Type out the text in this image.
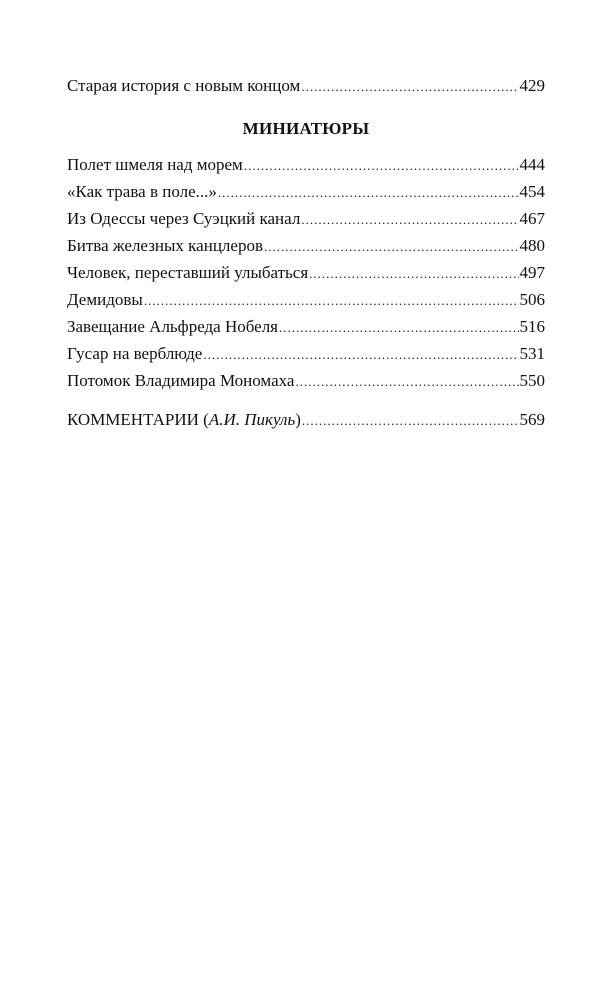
Старая история с новым концом .....	429
МИНИАТЮРЫ
Полет шмеля над морем .....	444
«Как трава в поле...» .....	454
Из Одессы через Суэцкий канал .....	467
Битва железных канцлеров .....	480
Человек, переставший улыбаться .....	497
Демидовы .....	506
Завещание Альфреда Нобеля .....	516
Гусар на верблюде .....	531
Потомок Владимира Мономаха .....	550
КОММЕНТАРИИ (А.И. Пикуль) .....	569
